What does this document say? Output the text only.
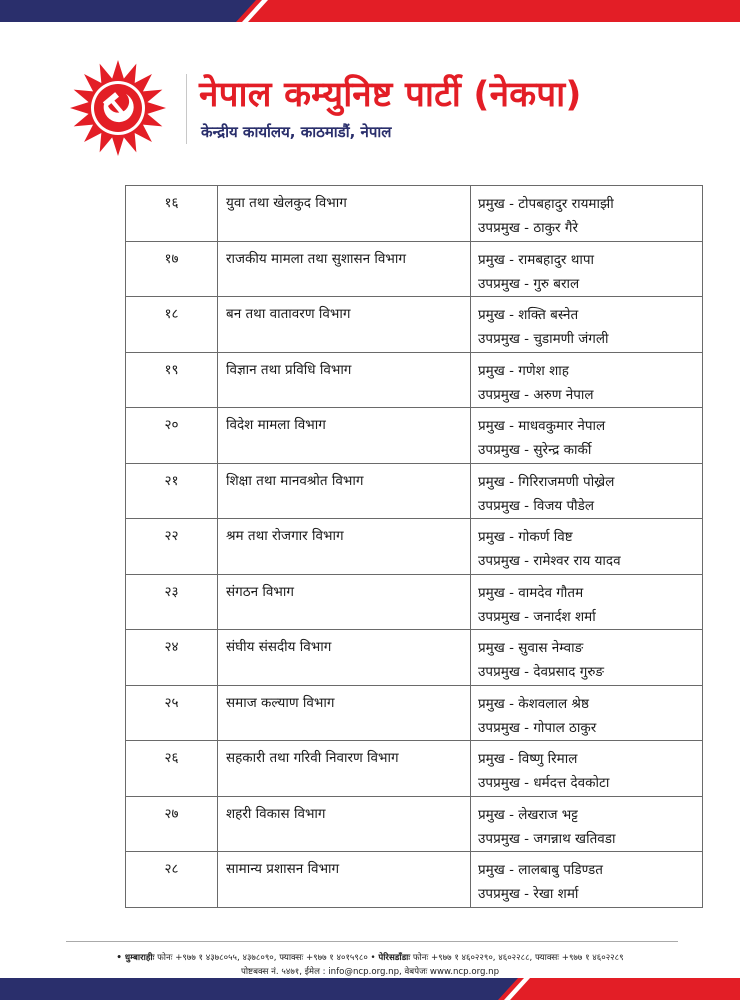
नेपाल कम्युनिष्ट पार्टी (नेकपा)
केन्द्रीय कार्यालय, काठमाडौं, नेपाल
१६	युवा तथा खेलकुद विभाग	प्रमुख - टोपबहादुर रायमाझी
उपप्रमुख - ठाकुर गैरे

१७	राजकीय मामला तथा सुशासन विभाग	प्रमुख - रामबहादुर थापा
उपप्रमुख - गुरु बराल

१८	बन तथा वातावरण विभाग	प्रमुख - शक्ति बस्नेत
उपप्रमुख - चुडामणी जंगली

१९	विज्ञान तथा प्रविधि विभाग	प्रमुख - गणेश शाह
उपप्रमुख - अरुण नेपाल

२०	विदेश मामला विभाग	प्रमुख - माधवकुमार नेपाल
उपप्रमुख - सुरेन्द्र कार्की

२१	शिक्षा तथा मानवश्रोत विभाग	प्रमुख - गिरिराजमणी पोख्रेल
उपप्रमुख - विजय पौडेल

२२	श्रम तथा रोजगार विभाग	प्रमुख - गोकर्ण विष्ट
उपप्रमुख - रामेश्वर राय यादव

२३	संगठन विभाग	प्रमुख - वामदेव गौतम
उपप्रमुख - जनार्दश शर्मा

२४	संघीय संसदीय विभाग	प्रमुख - सुवास नेम्वाङ
उपप्रमुख - देवप्रसाद गुरुङ

२५	समाज कल्याण विभाग	प्रमुख - केशवलाल श्रेष्ठ
उपप्रमुख - गोपाल ठाकुर

२६	सहकारी तथा गरिवी निवारण विभाग	प्रमुख - विष्णु रिमाल
उपप्रमुख - धर्मदत्त देवकोटा

२७	शहरी विकास विभाग	प्रमुख - लेखराज भट्ट
उपप्रमुख - जगन्नाथ खतिवडा

२८	सामान्य प्रशासन विभाग	प्रमुख - लालबाबु पडिण्डत
उपप्रमुख - रेखा शर्मा
• धुम्बाराहीः फोनः +९७७ १ ४३७८०५५, ४३७८०९०, फ्याक्सः +९७७ १ ४०१५९८० • पेरिसडाँडाः फोनः +९७७ १ ४६०२२९०, ४६०२२८८, फ्याक्सः +९७७ १ ४६०२२८९
पोष्टबक्स नं. ५४७१, ईमेल : info@ncp.org.np, वेबपेजः www.ncp.org.np
